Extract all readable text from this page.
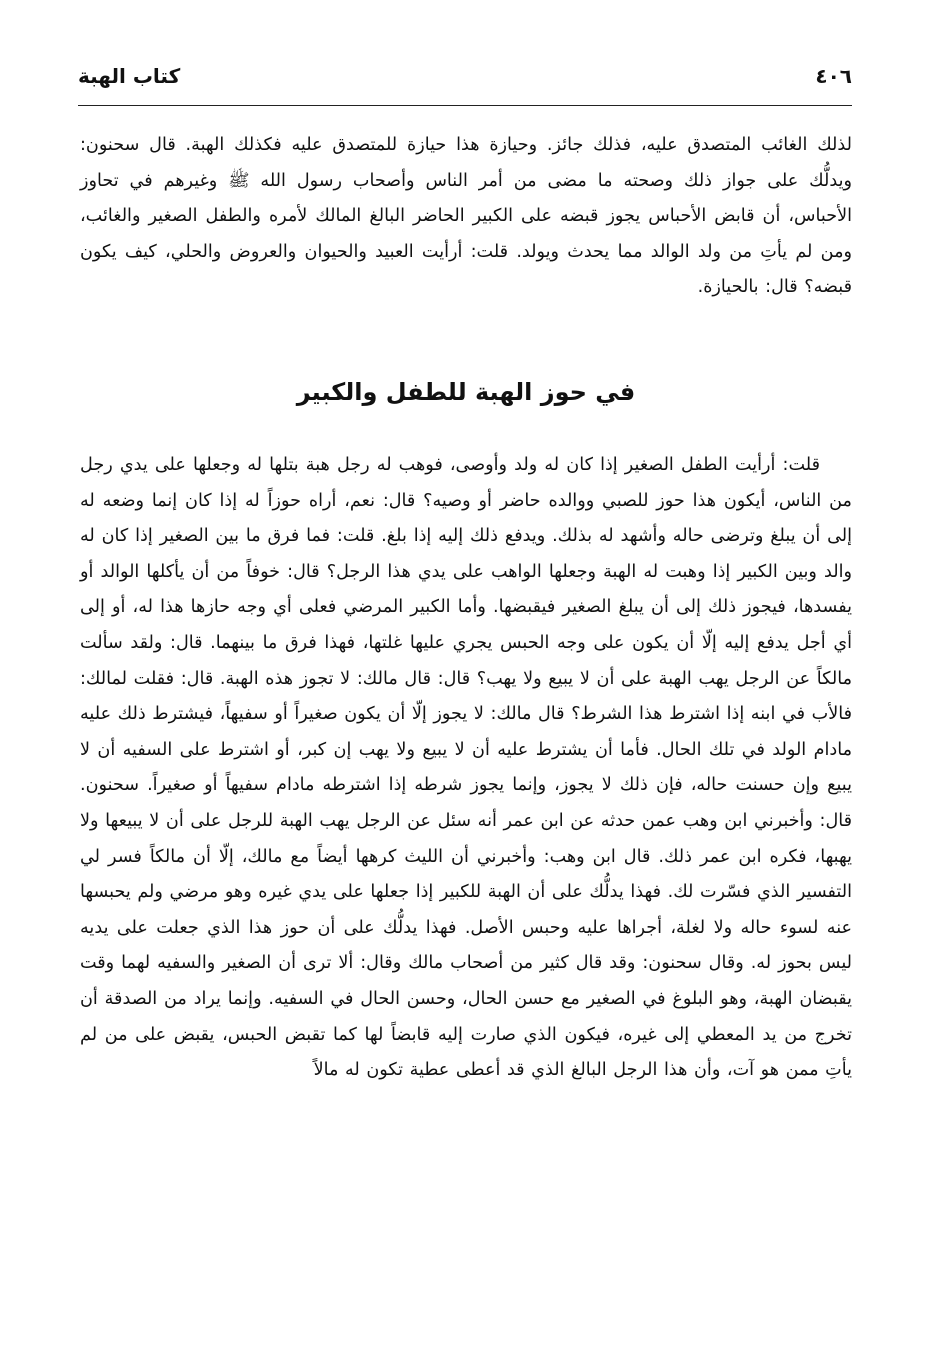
٤٠٦
كتاب الهبة

لذلك الغائب المتصدق عليه، فذلك جائز. وحيازة هذا حيازة للمتصدق عليه فكذلك الهبة. قال سحنون: ويدلُّك على جواز ذلك وصحته ما مضى من أمر الناس وأصحاب رسول الله ﷺ وغيرهم في تحاوز الأحباس، أن قابض الأحباس يجوز قبضه على الكبير الحاضر البالغ المالك لأمره والطفل الصغير والغائب، ومن لم يأتِ من ولد الوالد مما يحدث ويولد. قلت: أرأيت العبيد والحيوان والعروض والحلي، كيف يكون قبضه؟ قال: بالحيازة.

في حوز الهبة للطفل والكبير

قلت: أرأيت الطفل الصغير إذا كان له ولد وأوصى، فوهب له رجل هبة بتلها له وجعلها على يدي رجل من الناس، أيكون هذا حوز للصبي ووالده حاضر أو وصيه؟ قال: نعم، أراه حوزاً له إذا كان إنما وضعه له إلى أن يبلغ وترضى حاله وأشهد له بذلك. ويدفع ذلك إليه إذا بلغ. قلت: فما فرق ما بين الصغير إذا كان له والد وبين الكبير إذا وهبت له الهبة وجعلها الواهب على يدي هذا الرجل؟ قال: خوفاً من أن يأكلها الوالد أو يفسدها، فيجوز ذلك إلى أن يبلغ الصغير فيقبضها. وأما الكبير المرضي فعلى أي وجه حازها هذا له، أو إلى أي أجل يدفع إليه إلّا أن يكون على وجه الحبس يجري عليها غلتها، فهذا فرق ما بينهما. قال: ولقد سألت مالكاً عن الرجل يهب الهبة على أن لا يبيع ولا يهب؟ قال: قال مالك: لا تجوز هذه الهبة. قال: فقلت لمالك: فالأب في ابنه إذا اشترط هذا الشرط؟ قال مالك: لا يجوز إلّا أن يكون صغيراً أو سفيهاً، فيشترط ذلك عليه مادام الولد في تلك الحال. فأما أن يشترط عليه أن لا يبيع ولا يهب إن كبر، أو اشترط على السفيه أن لا يبيع وإن حسنت حاله، فإن ذلك لا يجوز، وإنما يجوز شرطه إذا اشترطه مادام سفيهاً أو صغيراً. سحنون. قال: وأخبرني ابن وهب عمن حدثه عن ابن عمر أنه سئل عن الرجل يهب الهبة للرجل على أن لا يبيعها ولا يهبها، فكره ابن عمر ذلك. قال ابن وهب: وأخبرني أن الليث كرهها أيضاً مع مالك، إلّا أن مالكاً فسر لي التفسير الذي فسّرت لك. فهذا يدلُّك على أن الهبة للكبير إذا جعلها على يدي غيره وهو مرضي ولم يحبسها عنه لسوء حاله ولا لغلة، أجراها عليه وحبس الأصل. فهذا يدلُّك على أن حوز هذا الذي جعلت على يديه ليس بحوز له. وقال سحنون: وقد قال كثير من أصحاب مالك وقال: ألا ترى أن الصغير والسفيه لهما وقت يقبضان الهبة، وهو البلوغ في الصغير مع حسن الحال، وحسن الحال في السفيه. وإنما يراد من الصدقة أن تخرج من يد المعطي إلى غيره، فيكون الذي صارت إليه قابضاً لها كما تقبض الحبس، يقبض على من لم يأتِ ممن هو آت، وأن هذا الرجل البالغ الذي قد أعطى عطية تكون له مالاً
